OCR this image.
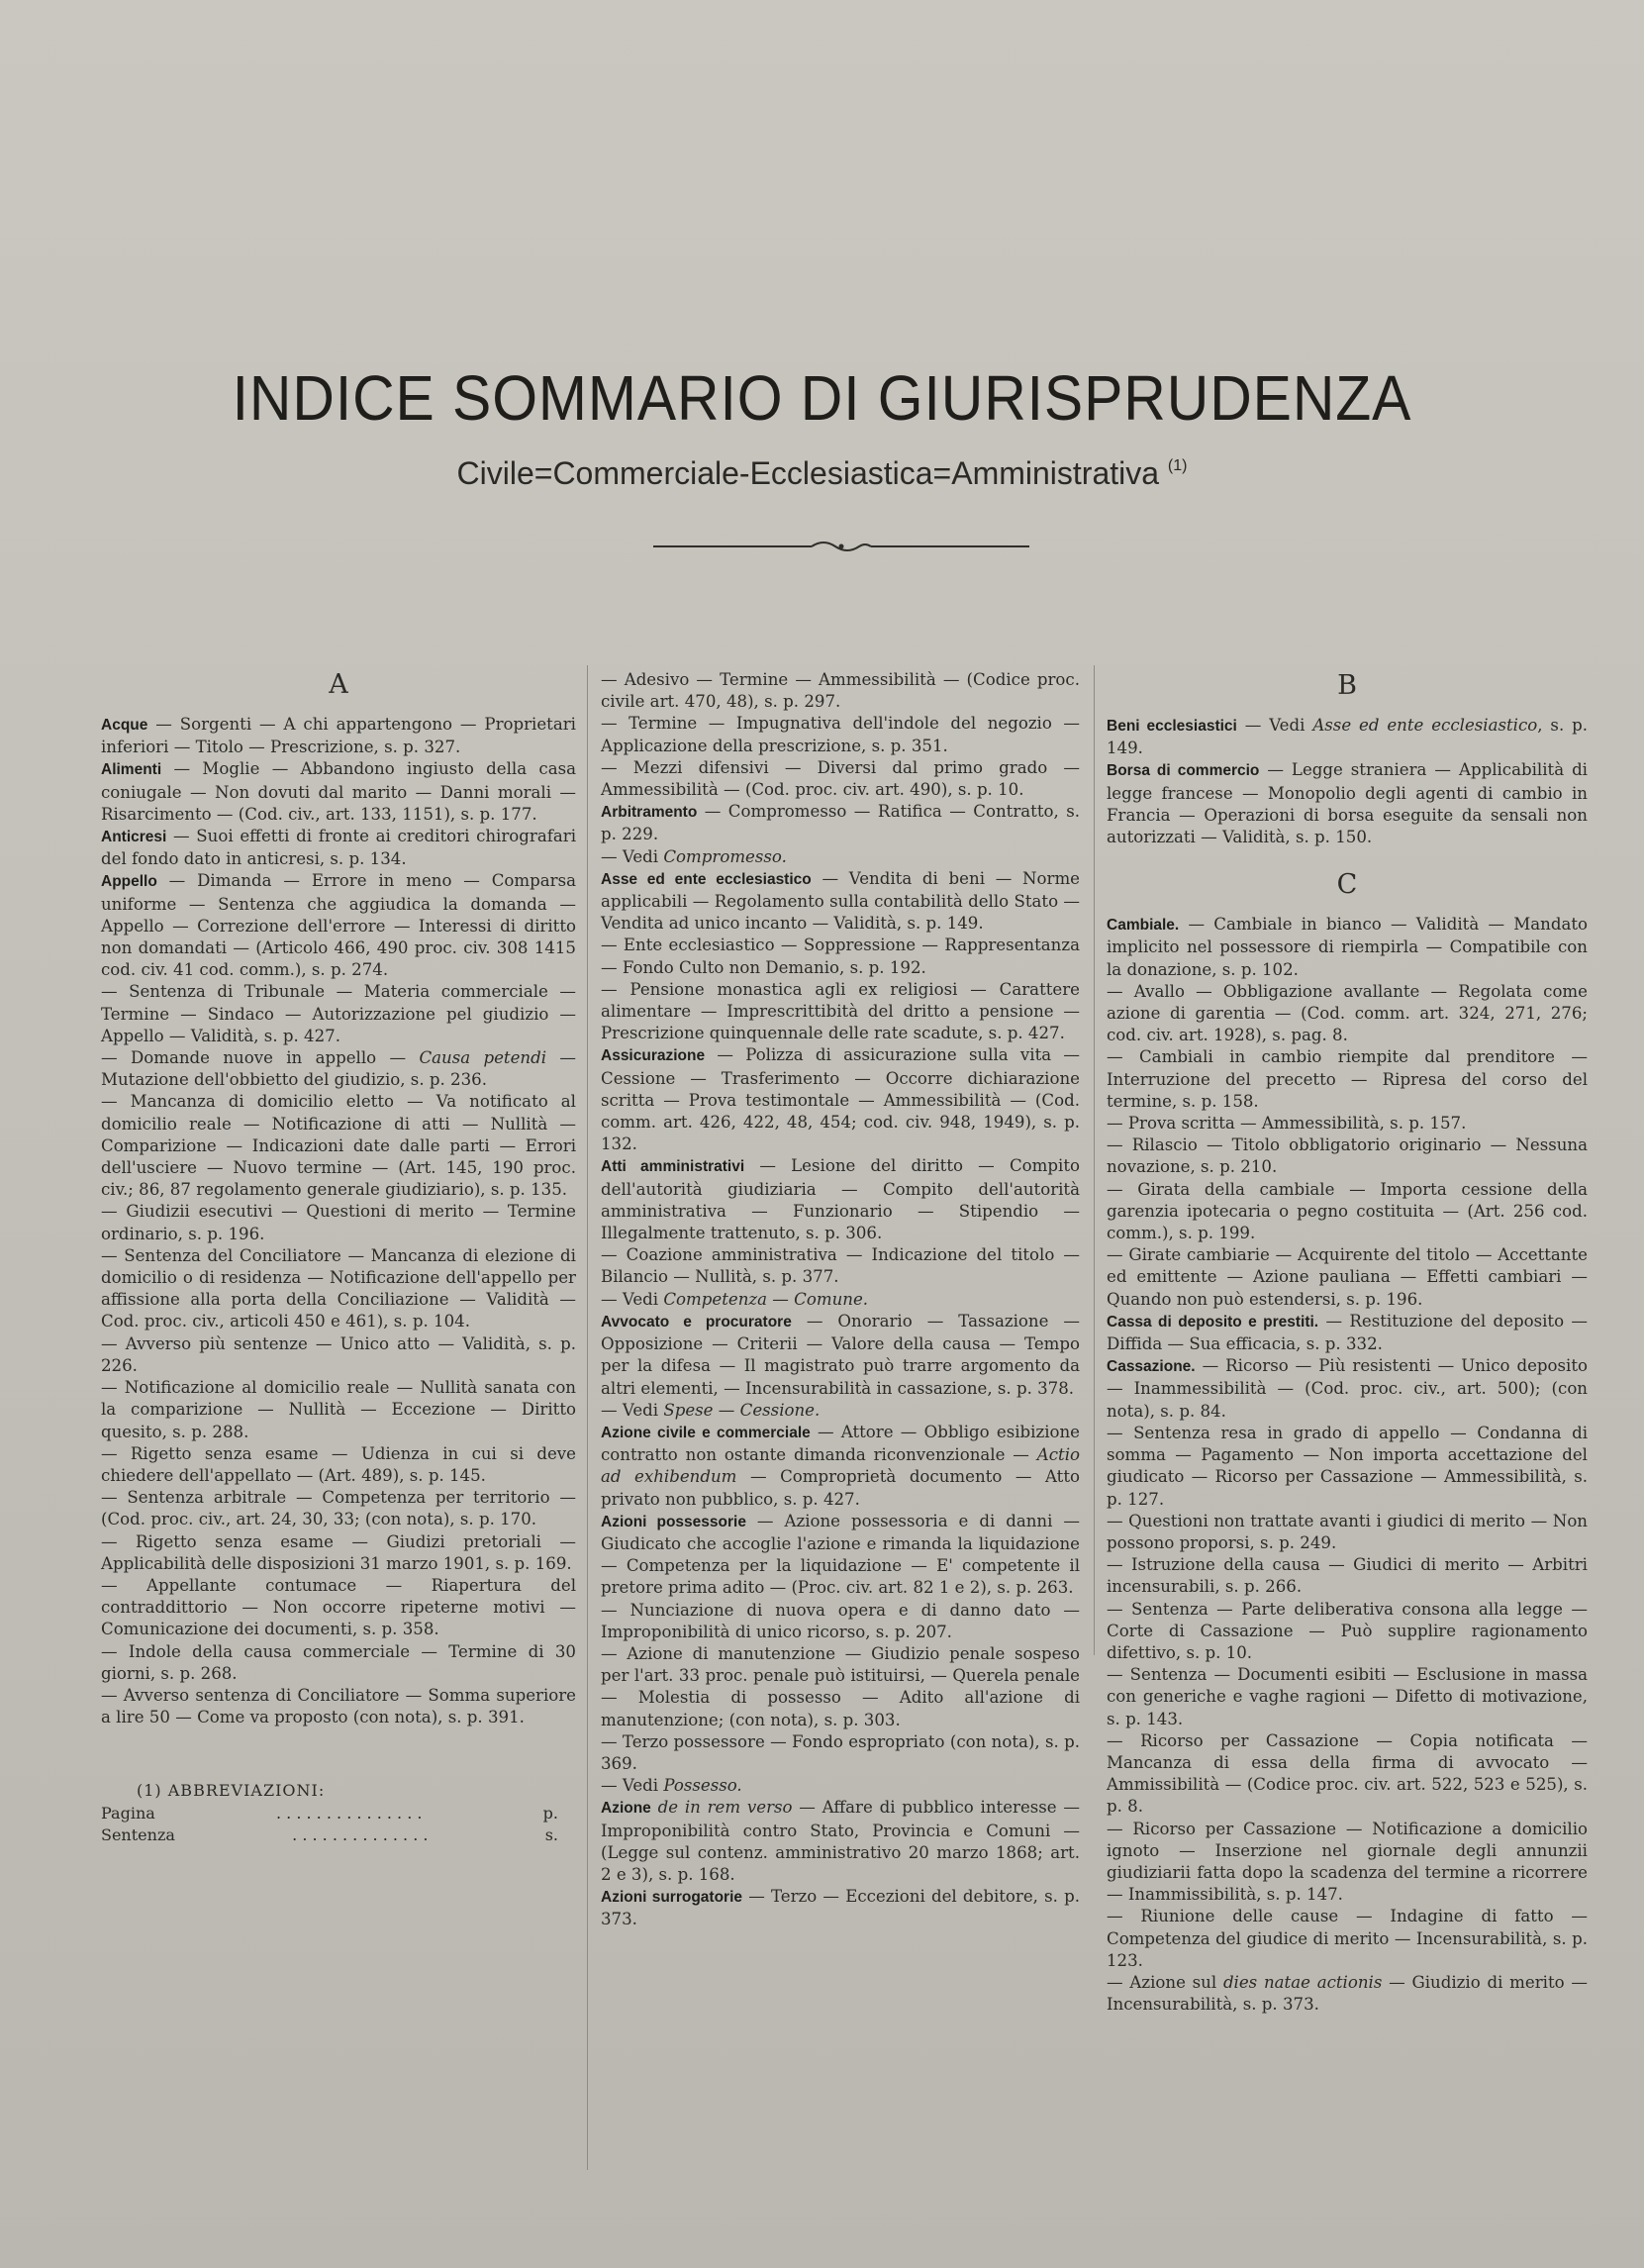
INDICE SOMMARIO DI GIURISPRUDENZA
Civile=Commerciale-Ecclesiastica=Amministrativa $^{(1)}$
A

Acque — Sorgenti — A chi appartengono — Proprietari inferiori — Titolo — Prescrizione, s. p. 327.

Alimenti — Moglie — Abbandono ingiusto della casa coniugale — Non dovuti dal marito — Danni morali — Risarcimento — (Cod. civ., art. 133, 1151), s. p. 177.

Anticresi — Suoi effetti di fronte ai creditori chirografari del fondo dato in anticresi, s. p. 134.

Appello — Dimanda — Errore in meno — Comparsa uniforme — Sentenza che aggiudica la domanda — Appello — Correzione dell'errore — Interessi di diritto non domandati — (Articolo 466, 490 proc. civ. 308 1415 cod. civ. 41 cod. comm.), s. p. 274.

— Sentenza di Tribunale — Materia commerciale — Termine — Sindaco — Autorizzazione pel giudizio — Appello — Validità, s. p. 427.

— Domande nuove in appello — Causa petendi — Mutazione dell'obbietto del giudizio, s. p. 236.

— Mancanza di domicilio eletto — Va notificato al domicilio reale — Notificazione di atti — Nullità — Comparizione — Indicazioni date dalle parti — Errori dell'usciere — Nuovo termine — (Art. 145, 190 proc. civ.; 86, 87 regolamento generale giudiziario), s. p. 135.

— Giudizii esecutivi — Questioni di merito — Termine ordinario, s. p. 196.

— Sentenza del Conciliatore — Mancanza di elezione di domicilio o di residenza — Notificazione dell'appello per affissione alla porta della Conciliazione — Validità — Cod. proc. civ., articoli 450 e 461), s. p. 104.

— Avverso più sentenze — Unico atto — Validità, s. p. 226.

— Notificazione al domicilio reale — Nullità sanata con la comparizione — Nullità — Eccezione — Diritto quesito, s. p. 288.

— Rigetto senza esame — Udienza in cui si deve chiedere dell'appellato — (Art. 489), s. p. 145.

— Sentenza arbitrale — Competenza per territorio — (Cod. proc. civ., art. 24, 30, 33; (con nota), s. p. 170.

— Rigetto senza esame — Giudizi pretoriali — Applicabilità delle disposizioni 31 marzo 1901, s. p. 169.

— Appellante contumace — Riapertura del contraddittorio — Non occorre ripeterne motivi — Comunicazione dei documenti, s. p. 358.

— Indole della causa commerciale — Termine di 30 giorni, s. p. 268.

— Avverso sentenza di Conciliatore — Somma superiore a lire 50 — Come va proposto (con nota), s. p. 391.

(1) ABBREVIAZIONI:
Pagina	. . . . . . . . . . . . . . .	p.
Sentenza	. . . . . . . . . . . . . .	s.

— Adesivo — Termine — Ammessibilità — (Codice proc. civile art. 470, 48), s. p. 297.

— Termine — Impugnativa dell'indole del negozio — Applicazione della prescrizione, s. p. 351.

— Mezzi difensivi — Diversi dal primo grado — Ammessibilità — (Cod. proc. civ. art. 490), s. p. 10.

Arbitramento — Compromesso — Ratifica — Contratto, s. p. 229.

— Vedi Compromesso.

Asse ed ente ecclesiastico — Vendita di beni — Norme applicabili — Regolamento sulla contabilità dello Stato — Vendita ad unico incanto — Validità, s. p. 149.

— Ente ecclesiastico — Soppressione — Rappresentanza — Fondo Culto non Demanio, s. p. 192.

— Pensione monastica agli ex religiosi — Carattere alimentare — Imprescrittibità del dritto a pensione — Prescrizione quinquennale delle rate scadute, s. p. 427.

Assicurazione — Polizza di assicurazione sulla vita — Cessione — Trasferimento — Occorre dichiarazione scritta — Prova testimontale — Ammessibilità — (Cod. comm. art. 426, 422, 48, 454; cod. civ. 948, 1949), s. p. 132.

Atti amministrativi — Lesione del diritto — Compito dell'autorità giudiziaria — Compito dell'autorità amministrativa — Funzionario — Stipendio — Illegalmente trattenuto, s. p. 306.

— Coazione amministrativa — Indicazione del titolo — Bilancio — Nullità, s. p. 377.

— Vedi Competenza — Comune.

Avvocato e procuratore — Onorario — Tassazione — Opposizione — Criterii — Valore della causa — Tempo per la difesa — Il magistrato può trarre argomento da altri elementi, — Incensurabilità in cassazione, s. p. 378.

— Vedi Spese — Cessione.

Azione civile e commerciale — Attore — Obbligo esibizione contratto non ostante dimanda riconvenzionale — Actio ad exhibendum — Comproprietà documento — Atto privato non pubblico, s. p. 427.

Azioni possessorie — Azione possessoria e di danni — Giudicato che accoglie l'azione e rimanda la liquidazione — Competenza per la liquidazione — E' competente il pretore prima adito — (Proc. civ. art. 82 1 e 2), s. p. 263.

— Nunciazione di nuova opera e di danno dato — Improponibilità di unico ricorso, s. p. 207.

— Azione di manutenzione — Giudizio penale sospeso per l'art. 33 proc. penale può istituirsi, — Querela penale — Molestia di possesso — Adito all'azione di manutenzione; (con nota), s. p. 303.

— Terzo possessore — Fondo espropriato (con nota), s. p. 369.

— Vedi Possesso.

Azione de in rem verso — Affare di pubblico interesse — Improponibilità contro Stato, Provincia e Comuni — (Legge sul contenz. amministrativo 20 marzo 1868; art. 2 e 3), s. p. 168.

Azioni surrogatorie — Terzo — Eccezioni del debitore, s. p. 373.

B

Beni ecclesiastici — Vedi Asse ed ente ecclesiastico, s. p. 149.

Borsa di commercio — Legge straniera — Applicabilità di legge francese — Monopolio degli agenti di cambio in Francia — Operazioni di borsa eseguite da sensali non autorizzati — Validità, s. p. 150.

C

Cambiale. — Cambiale in bianco — Validità — Mandato implicito nel possessore di riempirla — Compatibile con la donazione, s. p. 102.

— Avallo — Obbligazione avallante — Regolata come azione di garentia — (Cod. comm. art. 324, 271, 276; cod. civ. art. 1928), s. pag. 8.

— Cambiali in cambio riempite dal prenditore — Interruzione del precetto — Ripresa del corso del termine, s. p. 158.

— Prova scritta — Ammessibilità, s. p. 157.

— Rilascio — Titolo obbligatorio originario — Nessuna novazione, s. p. 210.

— Girata della cambiale — Importa cessione della garenzia ipotecaria o pegno costituita — (Art. 256 cod. comm.), s. p. 199.

— Girate cambiarie — Acquirente del titolo — Accettante ed emittente — Azione pauliana — Effetti cambiari — Quando non può estendersi, s. p. 196.

Cassa di deposito e prestiti. — Restituzione del deposito — Diffida — Sua efficacia, s. p. 332.

Cassazione. — Ricorso — Più resistenti — Unico deposito — Inammessibilità — (Cod. proc. civ., art. 500); (con nota), s. p. 84.

— Sentenza resa in grado di appello — Condanna di somma — Pagamento — Non importa accettazione del giudicato — Ricorso per Cassazione — Ammessibilità, s. p. 127.

— Questioni non trattate avanti i giudici di merito — Non possono proporsi, s. p. 249.

— Istruzione della causa — Giudici di merito — Arbitri incensurabili, s. p. 266.

— Sentenza — Parte deliberativa consona alla legge — Corte di Cassazione — Può supplire ragionamento difettivo, s. p. 10.

— Sentenza — Documenti esibiti — Esclusione in massa con generiche e vaghe ragioni — Difetto di motivazione, s. p. 143.

— Ricorso per Cassazione — Copia notificata — Mancanza di essa della firma di avvocato — Ammissibilità — (Codice proc. civ. art. 522, 523 e 525), s. p. 8.

— Ricorso per Cassazione — Notificazione a domicilio ignoto — Inserzione nel giornale degli annunzii giudiziarii fatta dopo la scadenza del termine a ricorrere — Inammissibilità, s. p. 147.

— Riunione delle cause — Indagine di fatto — Competenza del giudice di merito — Incensurabilità, s. p. 123.

— Azione sul dies natae actionis — Giudizio di merito — Incensurabilità, s. p. 373.
